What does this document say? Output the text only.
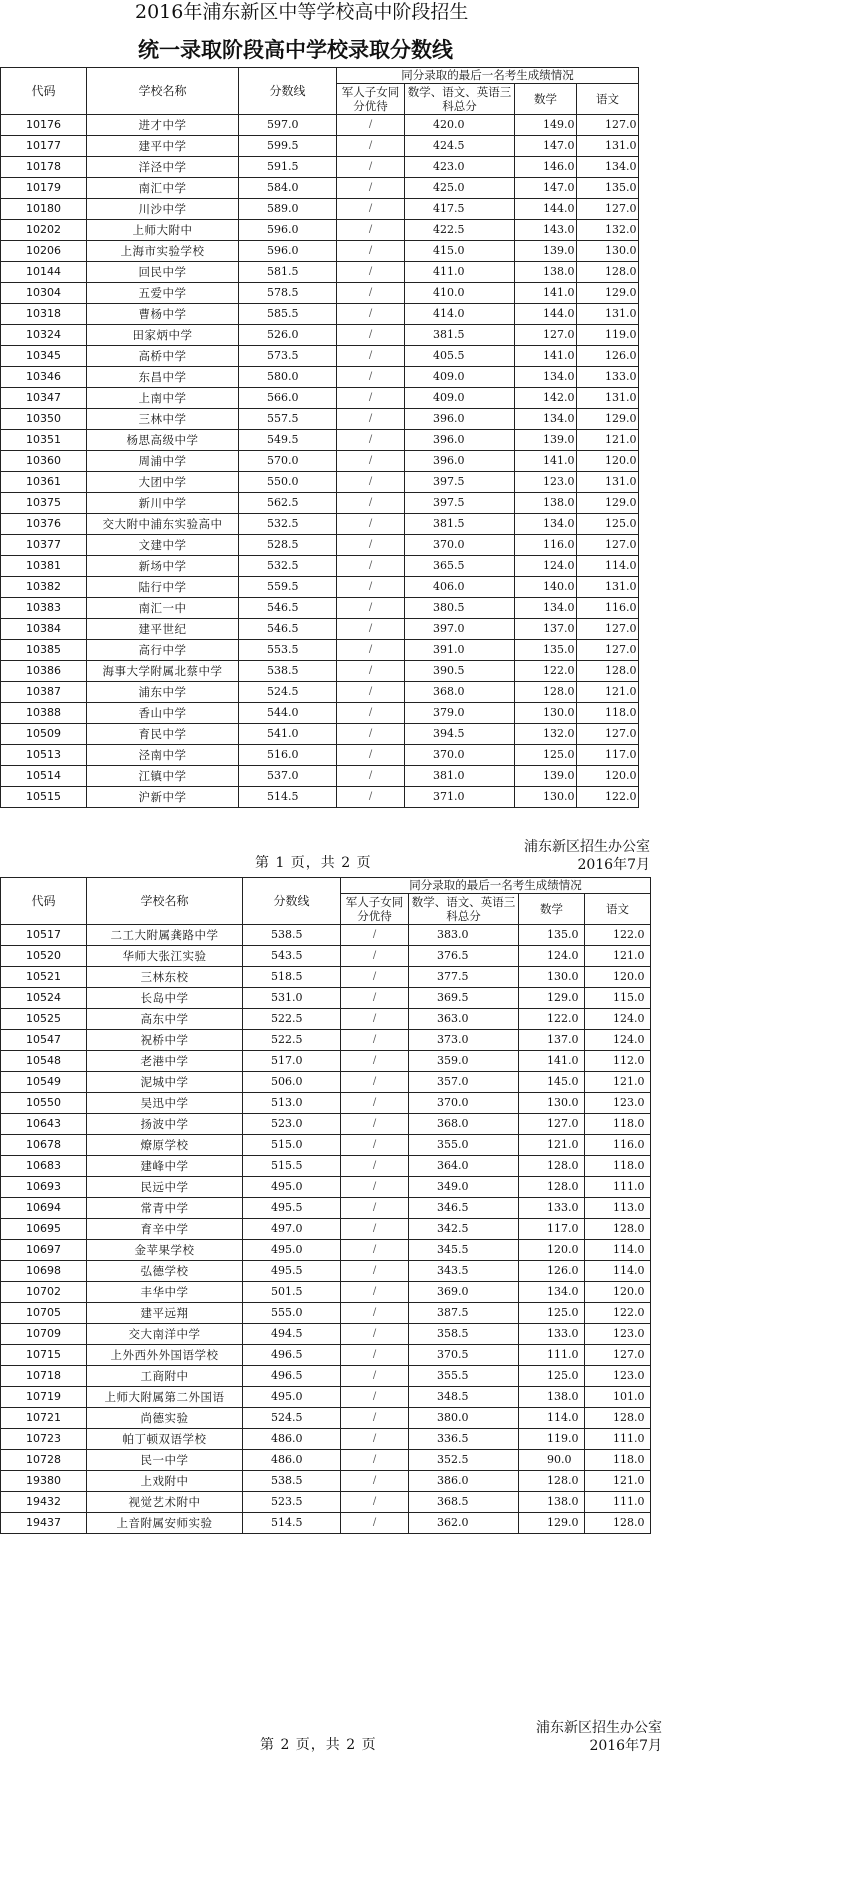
2016年浦东新区中等学校高中阶段招生
统一录取阶段高中学校录取分数线
代码	学校名称	分数线	同分录取的最后一名考生成绩情况			
			军人子女同分优待	数学、语文、英语三科总分	数学	语文
10176	进才中学	597.0	/	420.0	149.0	127.0
10177	建平中学	599.5	/	424.5	147.0	131.0
10178	洋泾中学	591.5	/	423.0	146.0	134.0
10179	南汇中学	584.0	/	425.0	147.0	135.0
10180	川沙中学	589.0	/	417.5	144.0	127.0
10202	上师大附中	596.0	/	422.5	143.0	132.0
10206	上海市实验学校	596.0	/	415.0	139.0	130.0
10144	回民中学	581.5	/	411.0	138.0	128.0
10304	五爱中学	578.5	/	410.0	141.0	129.0
10318	曹杨中学	585.5	/	414.0	144.0	131.0
10324	田家炳中学	526.0	/	381.5	127.0	119.0
10345	高桥中学	573.5	/	405.5	141.0	126.0
10346	东昌中学	580.0	/	409.0	134.0	133.0
10347	上南中学	566.0	/	409.0	142.0	131.0
10350	三林中学	557.5	/	396.0	134.0	129.0
10351	杨思高级中学	549.5	/	396.0	139.0	121.0
10360	周浦中学	570.0	/	396.0	141.0	120.0
10361	大团中学	550.0	/	397.5	123.0	131.0
10375	新川中学	562.5	/	397.5	138.0	129.0
10376	交大附中浦东实验高中	532.5	/	381.5	134.0	125.0
10377	文建中学	528.5	/	370.0	116.0	127.0
10381	新场中学	532.5	/	365.5	124.0	114.0
10382	陆行中学	559.5	/	406.0	140.0	131.0
10383	南汇一中	546.5	/	380.5	134.0	116.0
10384	建平世纪	546.5	/	397.0	137.0	127.0
10385	高行中学	553.5	/	391.0	135.0	127.0
10386	海事大学附属北蔡中学	538.5	/	390.5	122.0	128.0
10387	浦东中学	524.5	/	368.0	128.0	121.0
10388	香山中学	544.0	/	379.0	130.0	118.0
10509	育民中学	541.0	/	394.5	132.0	127.0
10513	泾南中学	516.0	/	370.0	125.0	117.0
10514	江镇中学	537.0	/	381.0	139.0	120.0
10515	沪新中学	514.5	/	371.0	130.0	122.0
浦东新区招生办公室
2016年7月
第 1 页，共 2 页
代码	学校名称	分数线	同分录取的最后一名考生成绩情况			
			军人子女同分优待	数学、语文、英语三科总分	数学	语文
10517	二工大附属龚路中学	538.5	/	383.0	135.0	122.0
10520	华师大张江实验	543.5	/	376.5	124.0	121.0
10521	三林东校	518.5	/	377.5	130.0	120.0
10524	长岛中学	531.0	/	369.5	129.0	115.0
10525	高东中学	522.5	/	363.0	122.0	124.0
10547	祝桥中学	522.5	/	373.0	137.0	124.0
10548	老港中学	517.0	/	359.0	141.0	112.0
10549	泥城中学	506.0	/	357.0	145.0	121.0
10550	吴迅中学	513.0	/	370.0	130.0	123.0
10643	扬波中学	523.0	/	368.0	127.0	118.0
10678	燎原学校	515.0	/	355.0	121.0	116.0
10683	建峰中学	515.5	/	364.0	128.0	118.0
10693	民远中学	495.0	/	349.0	128.0	111.0
10694	常青中学	495.5	/	346.5	133.0	113.0
10695	育辛中学	497.0	/	342.5	117.0	128.0
10697	金苹果学校	495.0	/	345.5	120.0	114.0
10698	弘德学校	495.5	/	343.5	126.0	114.0
10702	丰华中学	501.5	/	369.0	134.0	120.0
10705	建平远翔	555.0	/	387.5	125.0	122.0
10709	交大南洋中学	494.5	/	358.5	133.0	123.0
10715	上外西外外国语学校	496.5	/	370.5	111.0	127.0
10718	工商附中	496.5	/	355.5	125.0	123.0
10719	上师大附属第二外国语	495.0	/	348.5	138.0	101.0
10721	尚德实验	524.5	/	380.0	114.0	128.0
10723	帕丁顿双语学校	486.0	/	336.5	119.0	111.0
10728	民一中学	486.0	/	352.5	90.0	118.0
19380	上戏附中	538.5	/	386.0	128.0	121.0
19432	视觉艺术附中	523.5	/	368.5	138.0	111.0
19437	上音附属安师实验	514.5	/	362.0	129.0	128.0
浦东新区招生办公室
2016年7月
第 2 页，共 2 页
